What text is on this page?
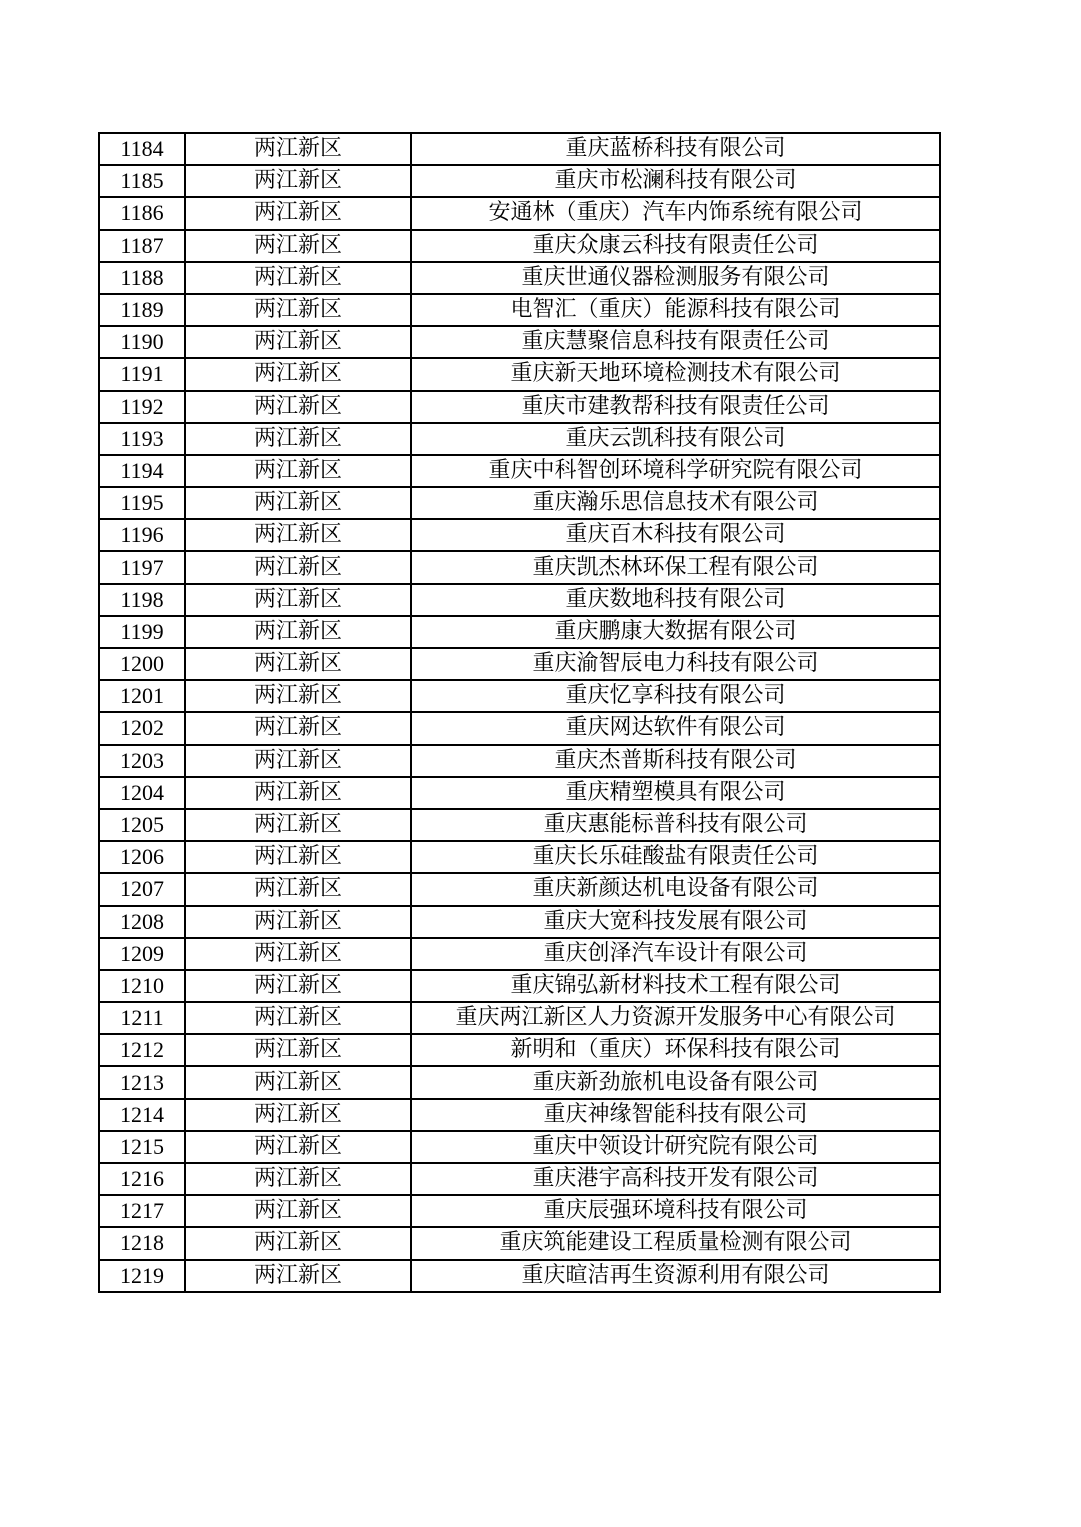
1184	两江新区	重庆蓝桥科技有限公司
1185	两江新区	重庆市松澜科技有限公司
1186	两江新区	安通林（重庆）汽车内饰系统有限公司
1187	两江新区	重庆众康云科技有限责任公司
1188	两江新区	重庆世通仪器检测服务有限公司
1189	两江新区	电智汇（重庆）能源科技有限公司
1190	两江新区	重庆慧聚信息科技有限责任公司
1191	两江新区	重庆新天地环境检测技术有限公司
1192	两江新区	重庆市建教帮科技有限责任公司
1193	两江新区	重庆云凯科技有限公司
1194	两江新区	重庆中科智创环境科学研究院有限公司
1195	两江新区	重庆瀚乐思信息技术有限公司
1196	两江新区	重庆百木科技有限公司
1197	两江新区	重庆凯杰林环保工程有限公司
1198	两江新区	重庆数地科技有限公司
1199	两江新区	重庆鹏康大数据有限公司
1200	两江新区	重庆渝智辰电力科技有限公司
1201	两江新区	重庆忆享科技有限公司
1202	两江新区	重庆网达软件有限公司
1203	两江新区	重庆杰普斯科技有限公司
1204	两江新区	重庆精塑模具有限公司
1205	两江新区	重庆惠能标普科技有限公司
1206	两江新区	重庆长乐硅酸盐有限责任公司
1207	两江新区	重庆新颜达机电设备有限公司
1208	两江新区	重庆大宽科技发展有限公司
1209	两江新区	重庆创泽汽车设计有限公司
1210	两江新区	重庆锦弘新材料技术工程有限公司
1211	两江新区	重庆两江新区人力资源开发服务中心有限公司
1212	两江新区	新明和（重庆）环保科技有限公司
1213	两江新区	重庆新劲旅机电设备有限公司
1214	两江新区	重庆神缘智能科技有限公司
1215	两江新区	重庆中领设计研究院有限公司
1216	两江新区	重庆港宇高科技开发有限公司
1217	两江新区	重庆辰强环境科技有限公司
1218	两江新区	重庆筑能建设工程质量检测有限公司
1219	两江新区	重庆暄洁再生资源利用有限公司
